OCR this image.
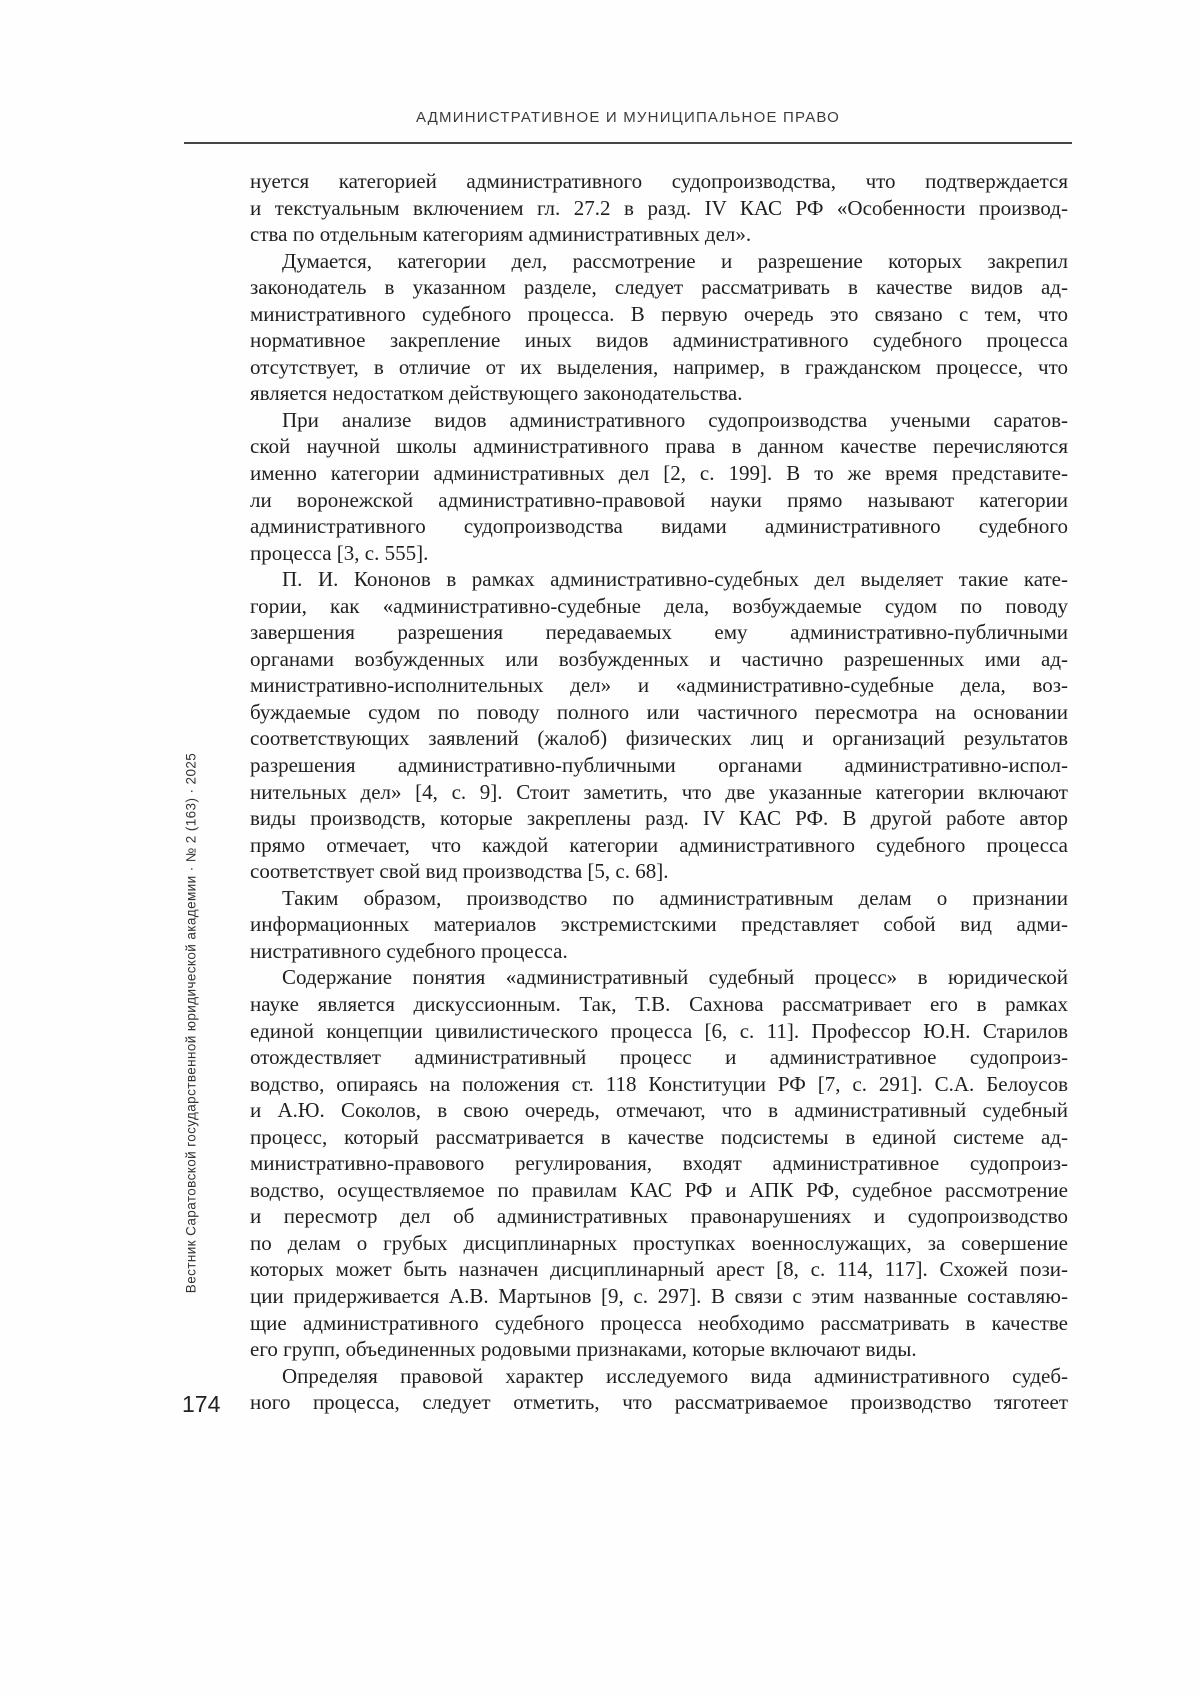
АДМИНИСТРАТИВНОЕ И МУНИЦИПАЛЬНОЕ ПРАВО
нуется категорией административного судопроизводства, что подтверждается
и текстуальным включением гл. 27.2 в разд. IV КАС РФ «Особенности производ-
ства по отдельным категориям административных дел».
Думается, категории дел, рассмотрение и разрешение которых закрепил
законодатель в указанном разделе, следует рассматривать в качестве видов ад-
министративного судебного процесса. В первую очередь это связано с тем, что
нормативное закрепление иных видов административного судебного процесса
отсутствует, в отличие от их выделения, например, в гражданском процессе, что
является недостатком действующего законодательства.
При анализе видов административного судопроизводства учеными саратов-
ской научной школы административного права в данном качестве перечисляются
именно категории административных дел [2, с. 199]. В то же время представите-
ли воронежской административно-правовой науки прямо называют категории
административного судопроизводства видами административного судебного
процесса [3, с. 555].
П. И. Кононов в рамках административно-судебных дел выделяет такие кате-
гории, как «административно-судебные дела, возбуждаемые судом по поводу
завершения разрешения передаваемых ему административно-публичными
органами возбужденных или возбужденных и частично разрешенных ими ад-
министративно-исполнительных дел» и «административно-судебные дела, воз-
буждаемые судом по поводу полного или частичного пересмотра на основании
соответствующих заявлений (жалоб) физических лиц и организаций результатов
разрешения административно-публичными органами административно-испол-
нительных дел» [4, с. 9]. Стоит заметить, что две указанные категории включают
виды производств, которые закреплены разд. IV КАС РФ. В другой работе автор
прямо отмечает, что каждой категории административного судебного процесса
соответствует свой вид производства [5, с. 68].
Таким образом, производство по административным делам о признании
информационных материалов экстремистскими представляет собой вид адми-
нистративного судебного процесса.
Содержание понятия «административный судебный процесс» в юридической
науке является дискуссионным. Так, Т.В. Сахнова рассматривает его в рамках
единой концепции цивилистического процесса [6, с. 11]. Профессор Ю.Н. Старилов
отождествляет административный процесс и административное судопроиз-
водство, опираясь на положения ст. 118 Конституции РФ [7, с. 291]. С.А. Белоусов
и А.Ю. Соколов, в свою очередь, отмечают, что в административный судебный
процесс, который рассматривается в качестве подсистемы в единой системе ад-
министративно-правового регулирования, входят административное судопроиз-
водство, осуществляемое по правилам КАС РФ и АПК РФ, судебное рассмотрение
и пересмотр дел об административных правонарушениях и судопроизводство
по делам о грубых дисциплинарных проступках военнослужащих, за совершение
которых может быть назначен дисциплинарный арест [8, с. 114, 117]. Схожей пози-
ции придерживается А.В. Мартынов [9, с. 297]. В связи с этим названные составляю-
щие административного судебного процесса необходимо рассматривать в качестве
его групп, объединенных родовыми признаками, которые включают виды.
Определяя правовой характер исследуемого вида административного судеб-
ного процесса, следует отметить, что рассматриваемое производство тяготеет
Вестник Саратовской государственной юридической академии · № 2 (163) · 2025
174
